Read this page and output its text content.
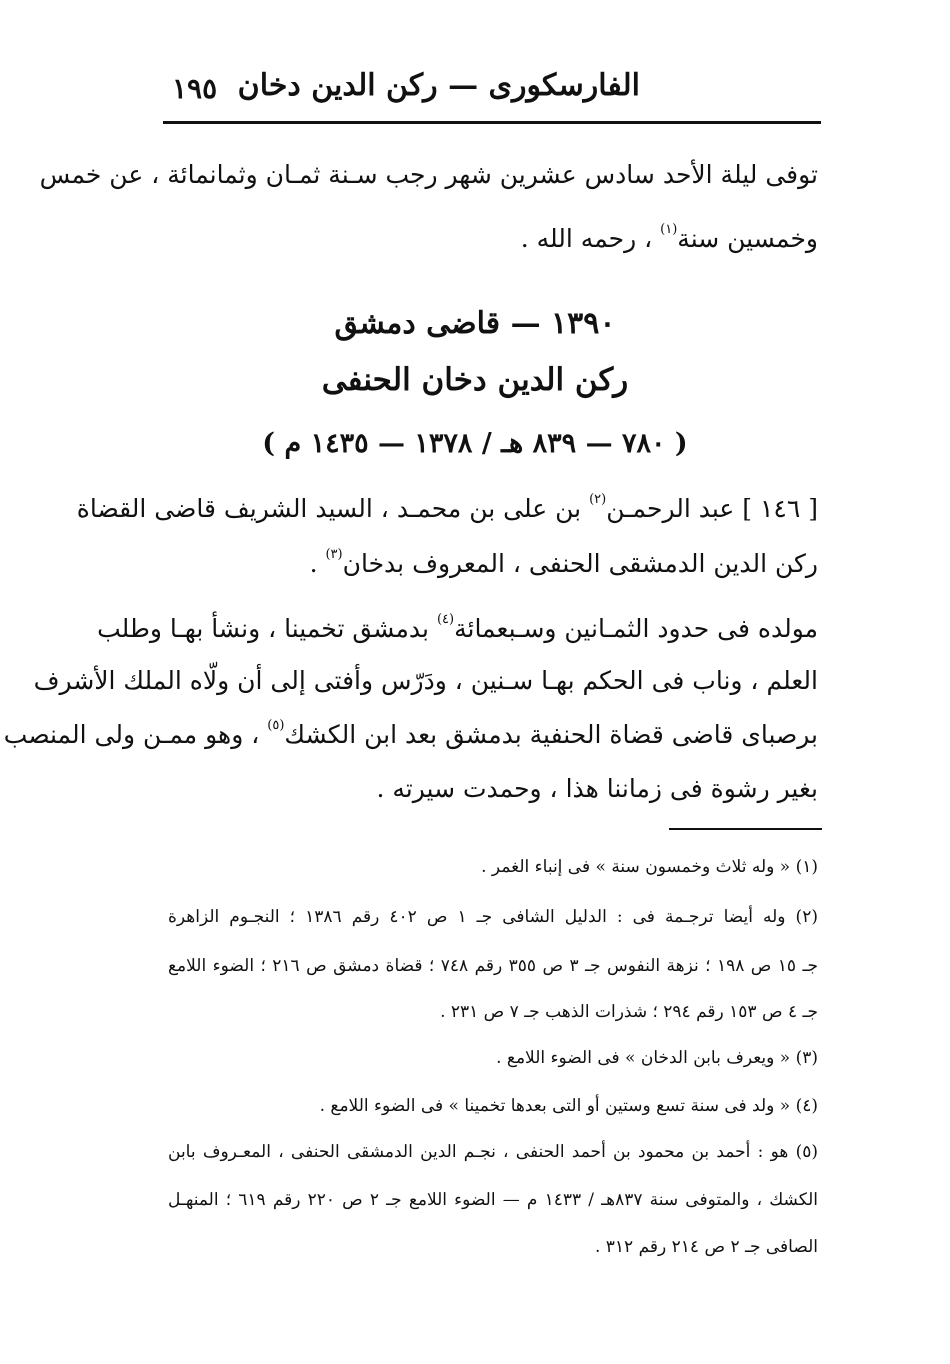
الفارسكورى — ركن الدين دخان
١٩٥
توفى ليلة الأحد سادس عشرين شهر رجب سـنة ثمـان وثمانمائة ، عن خمس
وخمسين سنة$^{(١)}$ ، رحمه الله .
١٣٩٠ — قاضى دمشق
ركن الدين دخان الحنفى
( ٧٨٠ — ٨٣٩ هـ / ١٣٧٨ — ١٤٣٥ م )
[ ١٤٦ ] عبد الرحمـن$^{(٢)}$ بن على بن محمـد ، السيد الشريف قاضى القضاة
ركن الدين الدمشقى الحنفى ، المعروف بدخان$^{(٣)}$ .
مولده فى حدود الثمـانين وسـبعمائة$^{(٤)}$ بدمشق تخمينا ، ونشأ بهـا وطلب
العلم ، وناب فى الحكم بهـا سـنين ، ودَرّس وأفتى إلى أن ولّاه الملك الأشرف
برصباى قاضى قضاة الحنفية بدمشق بعد ابن الكشك$^{(٥)}$ ، وهو ممـن ولى المنصب
بغير رشوة فى زماننا هذا ، وحمدت سيرته .
(١) « وله ثلاث وخمسون سنة » فى إنباء الغمر .
(٢) وله أيضا ترجـمة فى : الدليل الشافى جـ ١ ص ٤٠٢ رقم ١٣٨٦ ؛ النجـوم الزاهرة
جـ ١٥ ص ١٩٨ ؛ نزهة النفوس جـ ٣ ص ٣٥٥ رقم ٧٤٨ ؛ قضاة دمشق ص ٢١٦ ؛ الضوء اللامع
جـ ٤ ص ١٥٣ رقم ٢٩٤ ؛ شذرات الذهب جـ ٧ ص ٢٣١ .
(٣) « ويعرف بابن الدخان » فى الضوء اللامع .
(٤) « ولد فى سنة تسع وستين أو التى بعدها تخمينا » فى الضوء اللامع .
(٥) هو : أحمد بن محمود بن أحمد الحنفى ، نجـم الدين الدمشقى الحنفى ، المعـروف بابن
الكشك ، والمتوفى سنة ٨٣٧هـ / ١٤٣٣ م — الضوء اللامع جـ ٢ ص ٢٢٠ رقم ٦١٩ ؛ المنهـل
الصافى جـ ٢ ص ٢١٤ رقم ٣١٢ .
